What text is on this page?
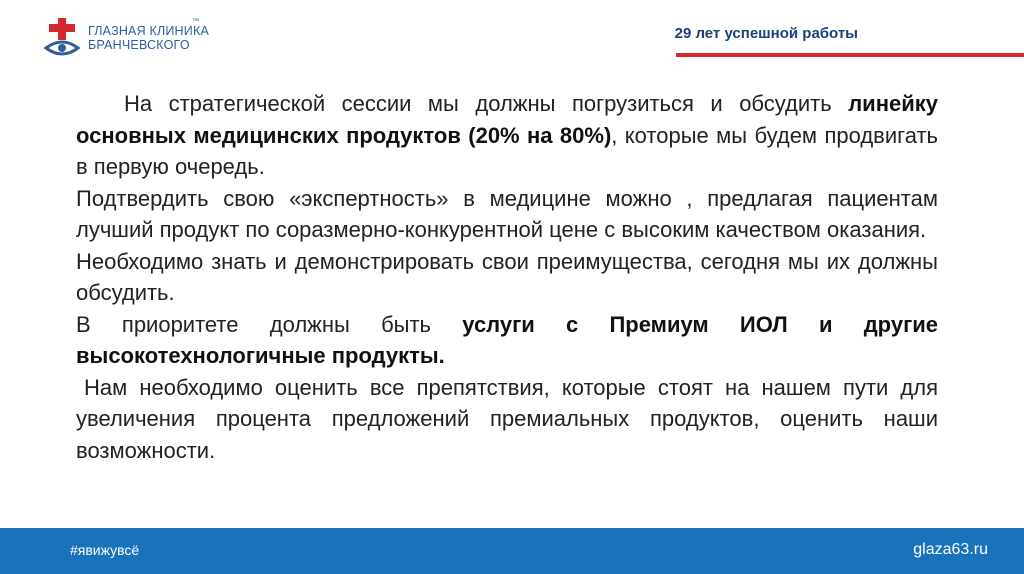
ГЛАЗНАЯ КЛИНИКА
БРАНЧЕВСКОГО
™
29 лет успешной работы

На стратегической сессии мы должны погрузиться и обсудить линейку основных медицинских продуктов (20% на 80%), которые мы будем продвигать в первую очередь.

Подтвердить свою «экспертность» в медицине можно , предлагая пациентам лучший продукт по соразмерно-конкурентной цене с высоким качеством оказания.

Необходимо знать и демонстрировать свои преимущества, сегодня мы их должны обсудить.

В приоритете должны быть услуги с Премиум ИОЛ и другие высокотехнологичные продукты.

Нам необходимо оценить все препятствия, которые стоят на нашем пути для увеличения процента предложений премиальных продуктов, оценить наши возможности.

#явижувсё	glaza63.ru
